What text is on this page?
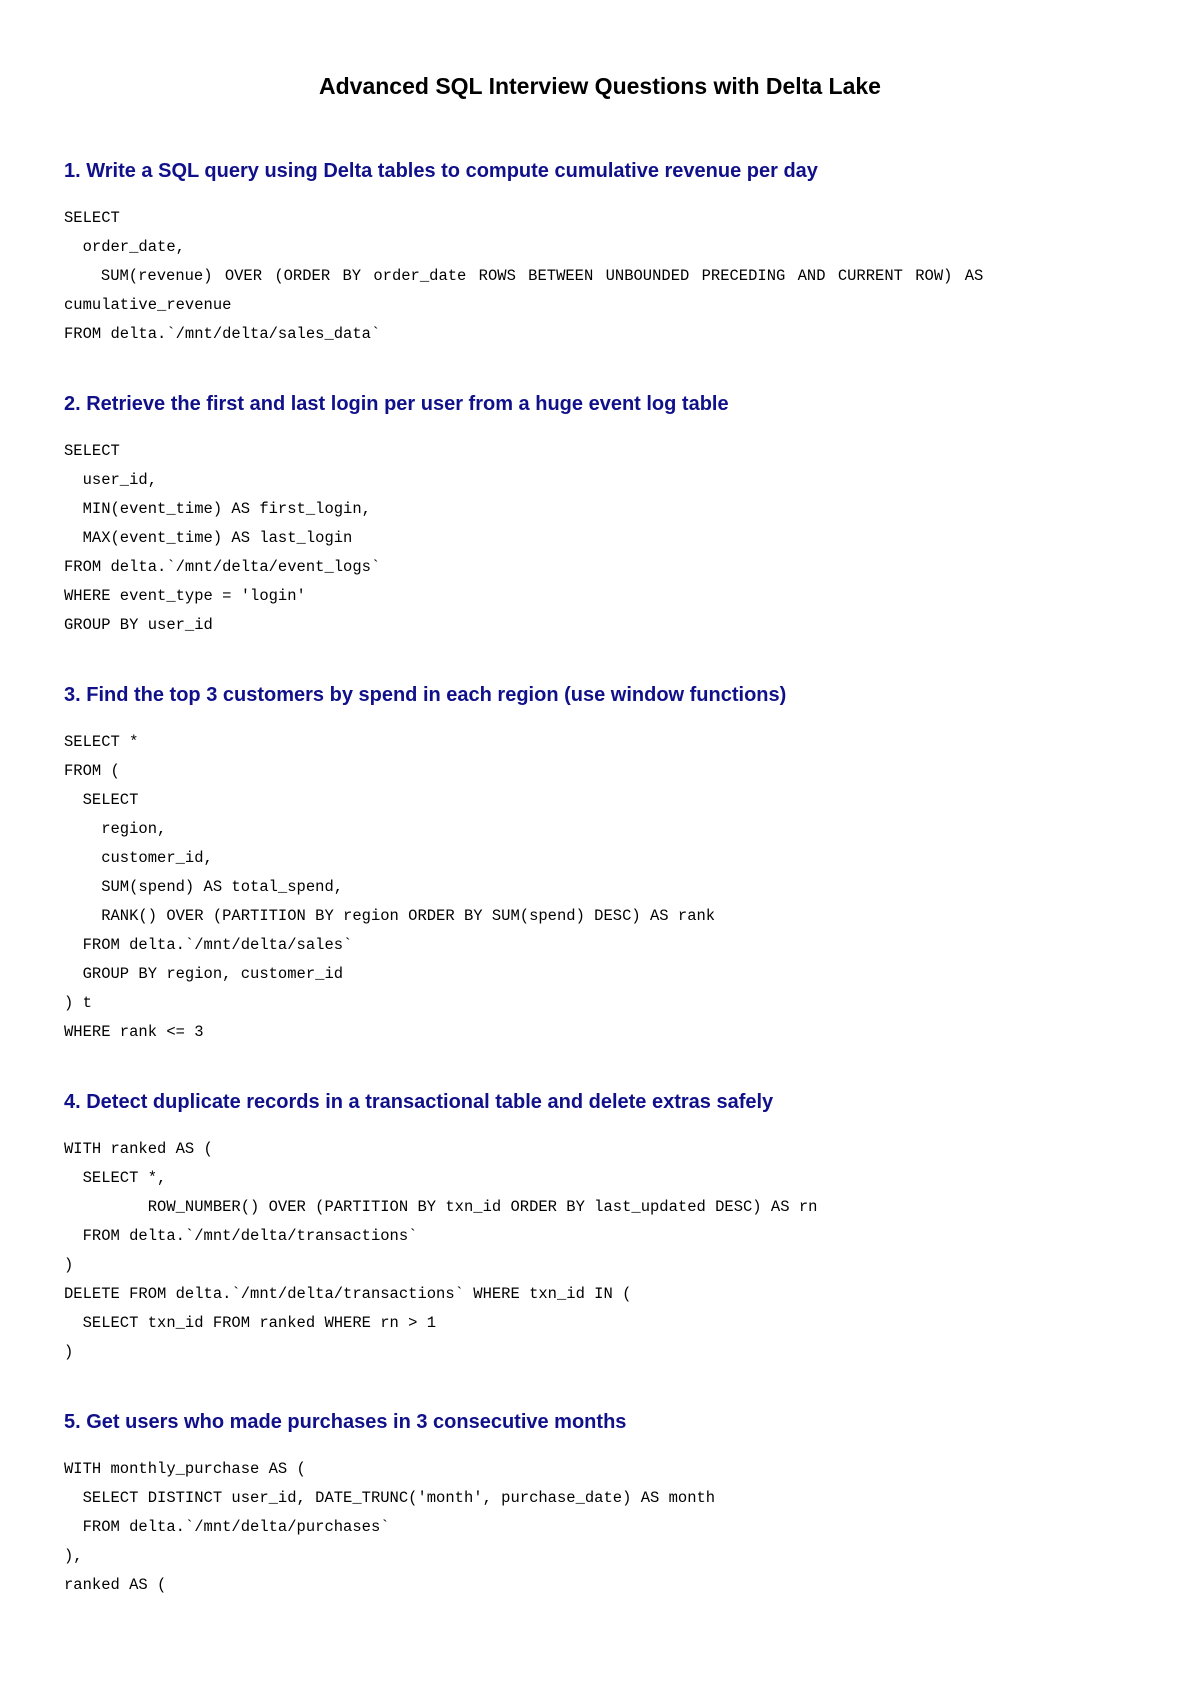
Advanced SQL Interview Questions with Delta Lake
1. Write a SQL query using Delta tables to compute cumulative revenue per day
SELECT
order_date,
SUM(revenue) OVER (ORDER BY order_date ROWS BETWEEN UNBOUNDED PRECEDING AND CURRENT ROW) AS cumulative_revenue
FROM delta.`/mnt/delta/sales_data`
2. Retrieve the first and last login per user from a huge event log table
SELECT
user_id,
MIN(event_time) AS first_login,
MAX(event_time) AS last_login
FROM delta.`/mnt/delta/event_logs`
WHERE event_type = 'login'
GROUP BY user_id
3. Find the top 3 customers by spend in each region (use window functions)
SELECT *
FROM (
SELECT
region,
customer_id,
SUM(spend) AS total_spend,
RANK() OVER (PARTITION BY region ORDER BY SUM(spend) DESC) AS rank
FROM delta.`/mnt/delta/sales`
GROUP BY region, customer_id
) t
WHERE rank <= 3
4. Detect duplicate records in a transactional table and delete extras safely
WITH ranked AS (
SELECT *,
ROW_NUMBER() OVER (PARTITION BY txn_id ORDER BY last_updated DESC) AS rn
FROM delta.`/mnt/delta/transactions`
)
DELETE FROM delta.`/mnt/delta/transactions` WHERE txn_id IN (
SELECT txn_id FROM ranked WHERE rn > 1
)
5. Get users who made purchases in 3 consecutive months
WITH monthly_purchase AS (
SELECT DISTINCT user_id, DATE_TRUNC('month', purchase_date) AS month
FROM delta.`/mnt/delta/purchases`
),
ranked AS (
